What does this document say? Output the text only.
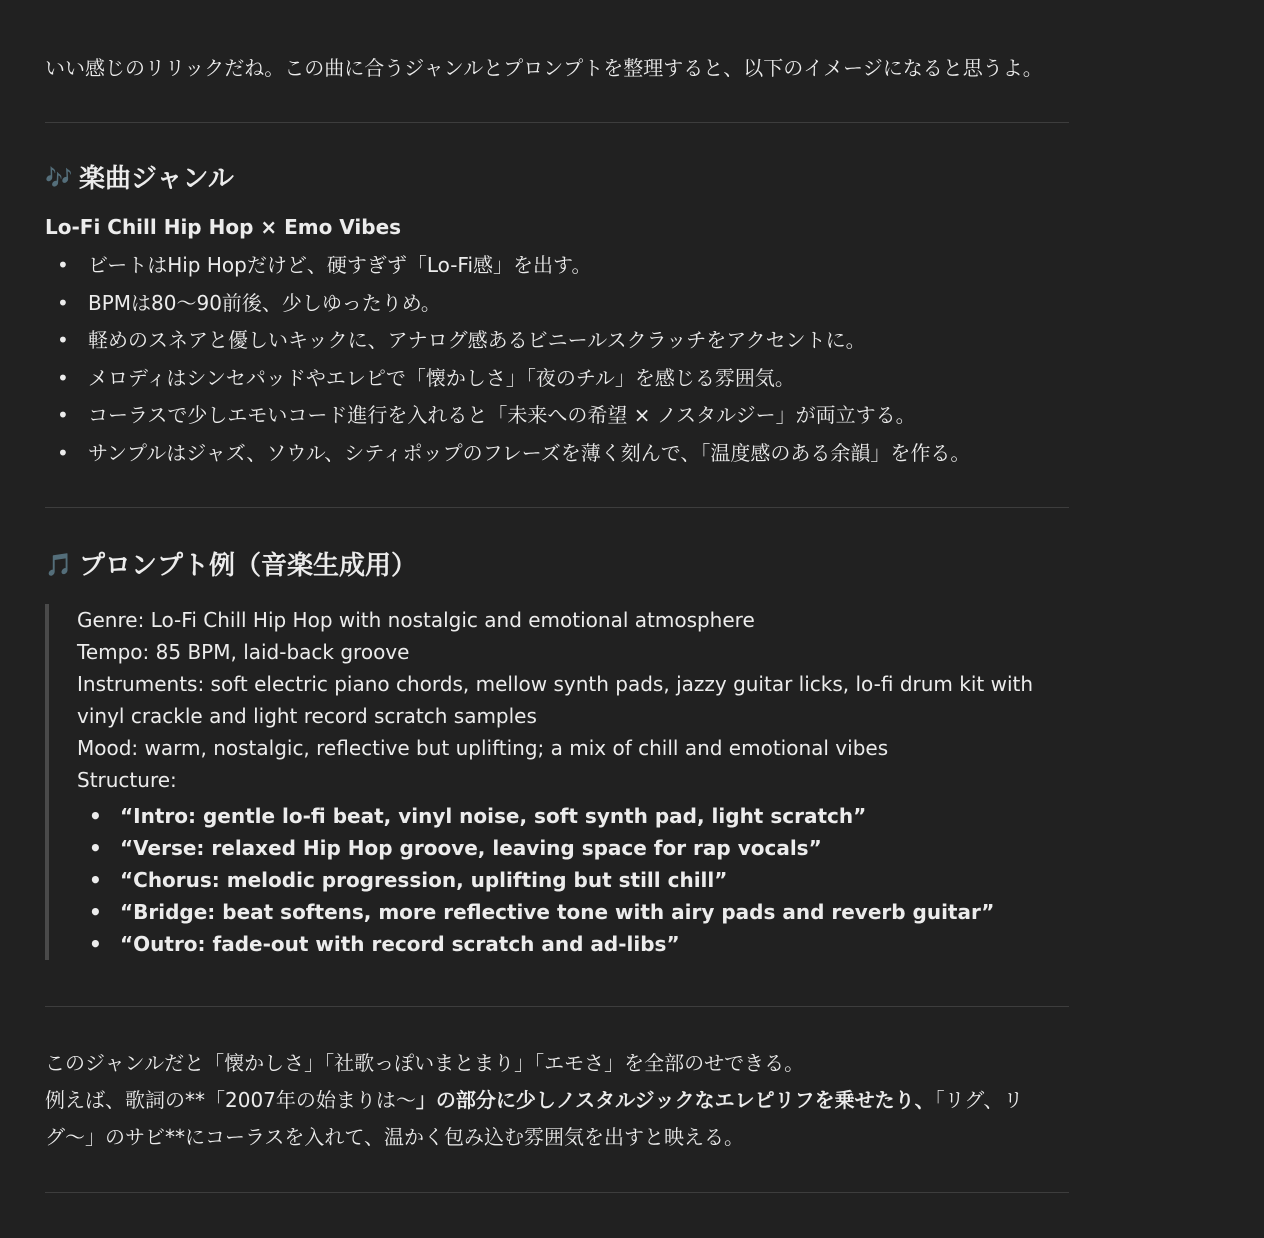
いい感じのリリックだね。この曲に合うジャンルとプロンプトを整理すると、以下のイメージになると思うよ。

🎶 楽曲ジャンル

Lo-Fi Chill Hip Hop × Emo Vibes

• ビートはHip Hopだけど、硬すぎず「Lo-Fi感」を出す。
• BPMは80〜90前後、少しゆったりめ。
• 軽めのスネアと優しいキックに、アナログ感あるビニールスクラッチをアクセントに。
• メロディはシンセパッドやエレピで「懐かしさ」「夜のチル」を感じる雰囲気。
• コーラスで少しエモいコード進行を入れると「未来への希望 × ノスタルジー」が両立する。
• サンプルはジャズ、ソウル、シティポップのフレーズを薄く刻んで、「温度感のある余韻」を作る。
🎵 プロンプト例（音楽生成用）

Genre: Lo-Fi Chill Hip Hop with nostalgic and emotional atmosphere

Tempo: 85 BPM, laid-back groove

Instruments: soft electric piano chords, mellow synth pads, jazzy guitar licks, lo-fi drum kit with vinyl crackle and light record scratch samples

Mood: warm, nostalgic, reflective but uplifting; a mix of chill and emotional vibes

Structure:

• “Intro: gentle lo-fi beat, vinyl noise, soft synth pad, light scratch”
• “Verse: relaxed Hip Hop groove, leaving space for rap vocals”
• “Chorus: melodic progression, uplifting but still chill”
• “Bridge: beat softens, more reflective tone with airy pads and reverb guitar”
• “Outro: fade-out with record scratch and ad-libs”

このジャンルだと「懐かしさ」「社歌っぽいまとまり」「エモさ」を全部のせできる。

例えば、歌詞の**「2007年の始まりは〜」の部分に少しノスタルジックなエレピリフを乗せたり、「リグ、リグ〜」のサビ**にコーラスを入れて、温かく包み込む雰囲気を出すと映える。
